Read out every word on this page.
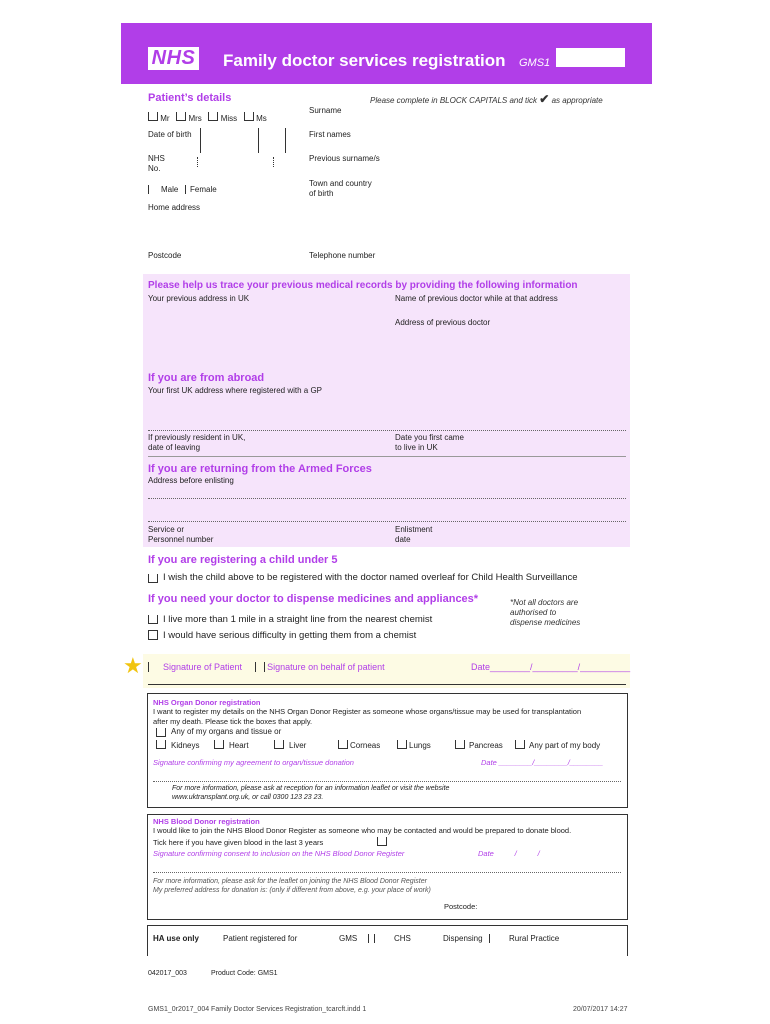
NHS Family doctor services registration GMS1
Patient’s details	Please complete in BLOCK CAPITALS and tick ✔ as appropriate
Mr Mrs Miss Ms
Date of birth
NHS
No.
Male Female
Home address
Postcode
Surname
First names
Previous surname/s
Town and country
of birth
Telephone number
Please help us trace your previous medical records by providing the following information
Your previous address in UK	Name of previous doctor while at that address
Address of previous doctor
If you are from abroad
Your first UK address where registered with a GP
If previously resident in UK,
date of leaving
Date you first came
to live in UK
If you are returning from the Armed Forces
Address before enlisting
Service or
Personnel number
Enlistment
date
If you are registering a child under 5
I wish the child above to be registered with the doctor named overleaf for Child Health Surveillance
If you need your doctor to dispense medicines and appliances*	*Not all doctors are
authorised to
dispense medicines
I live more than 1 mile in a straight line from the nearest chemist
I would have serious difficulty in getting them from a chemist
★	Signature of Patient	Signature on behalf of patient	Date________/_________/__________
NHS Organ Donor registration
I want to register my details on the NHS Organ Donor Register as someone whose organs/tissue may be used for transplantation
after my death. Please tick the boxes that apply.
Any of my organs and tissue or
Kidneys	Heart	Liver	Corneas	Lungs	Pancreas	Any part of my body
Signature confirming my agreement to organ/tissue donation	Date ________/________/________
For more information, please ask at reception for an information leaflet or visit the website
www.uktransplant.org.uk, or call 0300 123 23 23.
NHS Blood Donor registration
I would like to join the NHS Blood Donor Register as someone who may be contacted and would be prepared to donate blood.
Tick here if you have given blood in the last 3 years
Signature confirming consent to inclusion on the NHS Blood Donor Register	Date          /          /
For more information, please ask for the leaflet on joining the NHS Blood Donor Register
My preferred address for donation is: (only if different from above, e.g. your place of work)
Postcode:
HA use only	Patient registered for	GMS	CHS	Dispensing	Rural Practice
042017_003	Product Code: GMS1
GMS1_0r2017_004 Family Doctor Services Registration_tcarcft.indd 1	20/07/2017 14:27
